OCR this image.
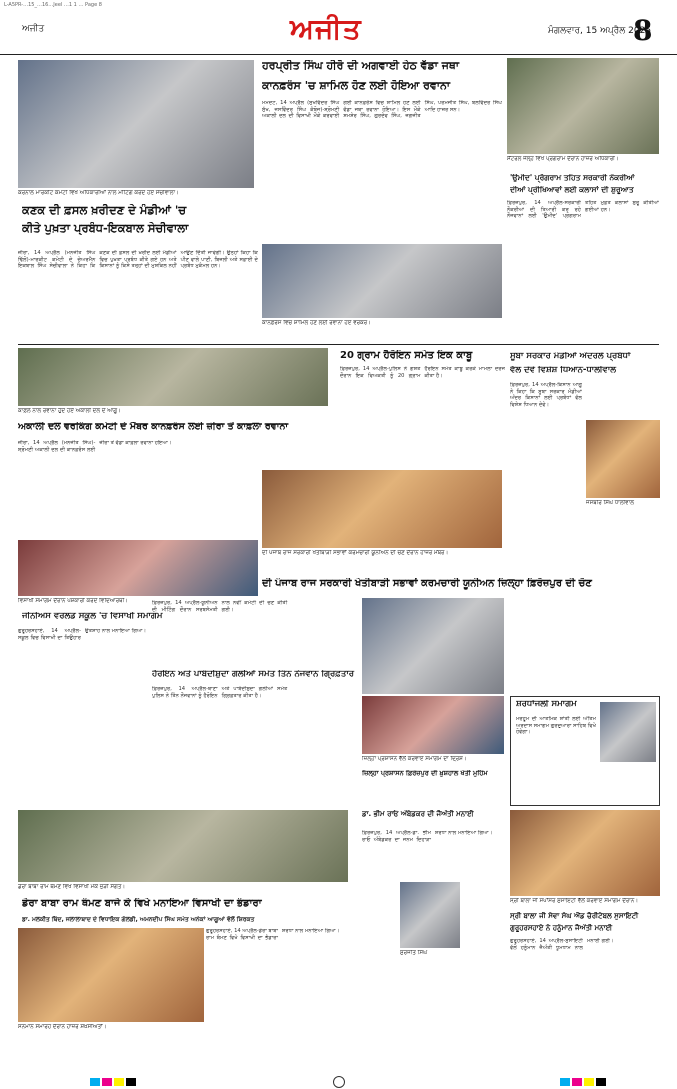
L-A5PR-…15_…16…Jeel …1 1 … Page 8
ਅਜੀਤ	ਅਜੀਤ	ਮੰਗਲਵਾਰ, 15 ਅਪ੍ਰੈਲ 2025
8
ਕਰਨਾਲ ਮਾਰਕੀਟ ਕਮੇਟੀ ਵਿਖੇ ਅਧਿਕਾਰੀਆਂ ਨਾਲ ਮੀਟਿੰਗ ਕਰਦੇ ਹੋਏ ਸੇਚੀਵਾਲਾ।
ਕਣਕ ਦੀ ਫ਼ਸਲ ਖ਼ਰੀਦਣ ਦੇ ਮੰਡੀਆਂ 'ਚ
ਕੀਤੇ ਪੁਖ਼ਤਾ ਪ੍ਰਬੰਧ-ਇਕਬਾਲ ਸੇਚੀਵਾਲਾ
ਜ਼ੀਰਾ, 14 ਅਪ੍ਰੈਲ (ਮਨਜੀਤ ਸਿੰਘ ਢਿੱਲੋਂ)-ਮਾਰਕੀਟ ਕਮੇਟੀ ਦੇ ਚੇਅਰਮੈਨ ਇਕਬਾਲ ਸਿੰਘ ਸੇਚੀਵਾਲਾ ਨੇ ਕਿਹਾ ਕਿ ਕਣਕ ਦੀ ਫ਼ਸਲ ਦੀ ਖ਼ਰੀਦ ਲਈ ਮੰਡੀਆਂ ਵਿਚ ਪੁਖ਼ਤਾ ਪ੍ਰਬੰਧ ਕੀਤੇ ਗਏ ਹਨ ਅਤੇ ਕਿਸਾਨਾਂ ਨੂੰ ਕਿਸੇ ਤਰ੍ਹਾਂ ਦੀ ਮੁਸ਼ਕਿਲ ਨਹੀਂ ਆਉਣ ਦਿੱਤੀ ਜਾਵੇਗੀ। ਉਨ੍ਹਾਂ ਕਿਹਾ ਕਿ ਪੀਣ ਵਾਲੇ ਪਾਣੀ, ਬਿਜਲੀ ਅਤੇ ਸਫ਼ਾਈ ਦੇ ਪ੍ਰਬੰਧ ਮੁਕੰਮਲ ਹਨ।
ਹਰਪ੍ਰੀਤ ਸਿੰਘ ਹੀਰੋ ਦੀ ਅਗਵਾਈ ਹੇਠ ਵੱਡਾ ਜਥਾ
ਕਾਨਫ਼ਰੰਸ 'ਚ ਸ਼ਾਮਿਲ ਹੋਣ ਲਈ ਹੋਇਆ ਰਵਾਨਾ
ਮਮਦੋਟ, 14 ਅਪ੍ਰੈਲ (ਸੁਖਵਿੰਦਰ ਸਿੰਘ ਸੁੱਖ, ਜਸਵਿੰਦਰ ਸਿੰਘ ਕੰਬੋਜ)-ਸ਼੍ਰੋਮਣੀ ਅਕਾਲੀ ਦਲ ਦੀ ਵਿਸਾਖੀ ਮੌਕੇ ਕਰਵਾਈ ਗਈ ਕਾਨਫ਼ਰੰਸ ਵਿਚ ਸ਼ਾਮਿਲ ਹੋਣ ਲਈ ਵੱਡਾ ਜਥਾ ਰਵਾਨਾ ਹੋਇਆ। ਇਸ ਮੌਕੇ ਸ਼ਮਸ਼ੇਰ ਸਿੰਘ, ਗੁਰਦੇਵ ਸਿੰਘ, ਜਗਜੀਤ ਸਿੰਘ, ਪਰਮਜੀਤ ਸਿੰਘ, ਬਲਵਿੰਦਰ ਸਿੰਘ ਆਦਿ ਹਾਜ਼ਰ ਸਨ।
ਸੈਂਟਰਲ ਜੇਲ੍ਹ ਵਿਖੇ ਪ੍ਰੋਗਰਾਮ ਦੌਰਾਨ ਹਾਜ਼ਰ ਅਧਿਕਾਰੀ।
'ਉਮੀਦ' ਪ੍ਰੋਗਰਾਮ ਤਹਿਤ ਸਰਕਾਰੀ ਨੌਕਰੀਆਂ
ਦੀਆਂ ਪ੍ਰੀਖਿਆਵਾਂ ਲਈ ਕਲਾਸਾਂ ਦੀ ਸ਼ੁਰੂਆਤ
ਫ਼ਿਰੋਜ਼ਪੁਰ, 14 ਅਪ੍ਰੈਲ-ਸਰਕਾਰੀ ਨੌਕਰੀਆਂ ਦੀ ਤਿਆਰੀ ਕਰ ਰਹੇ ਨੌਜਵਾਨਾਂ ਲਈ 'ਉਮੀਦ' ਪ੍ਰੋਗਰਾਮ ਤਹਿਤ ਮੁਫ਼ਤ ਕਲਾਸਾਂ ਸ਼ੁਰੂ ਕੀਤੀਆਂ ਗਈਆਂ ਹਨ।
ਕਾਨਫ਼ਰੰਸ ਵਿਚ ਸ਼ਾਮਿਲ ਹੋਣ ਲਈ ਰਵਾਨਾ ਹੋਏ ਵਰਕਰ।
ਕਾਫ਼ਲੇ ਨਾਲ ਰਵਾਨਾ ਹੁੰਦੇ ਹੋਏ ਅਕਾਲੀ ਦਲ ਦੇ ਆਗੂ।
20 ਗ੍ਰਾਮ ਹੈਰੋਇਨ ਸਮੇਤ ਇਕ ਕਾਬੂ
ਫ਼ਿਰੋਜ਼ਪੁਰ, 14 ਅਪ੍ਰੈਲ-ਪੁਲਿਸ ਨੇ ਗਸ਼ਤ ਦੌਰਾਨ ਇਕ ਵਿਅਕਤੀ ਨੂੰ 20 ਗ੍ਰਾਮ ਹੈਰੋਇਨ ਸਮੇਤ ਕਾਬੂ ਕਰਕੇ ਮਾਮਲਾ ਦਰਜ ਕੀਤਾ ਹੈ।
ਸੂਬਾ ਸਰਕਾਰ ਮੰਡੀਆਂ ਅੰਦਰਲੇ ਪ੍ਰਬੰਧਾਂ
ਵੱਲ ਦੇਵੇ ਵਿਸ਼ੇਸ਼ ਧਿਆਨ-ਧਾਲੀਵਾਲ
ਫ਼ਿਰੋਜ਼ਪੁਰ, 14 ਅਪ੍ਰੈਲ-ਕਿਸਾਨ ਆਗੂ ਨੇ ਕਿਹਾ ਕਿ ਸੂਬਾ ਸਰਕਾਰ ਮੰਡੀਆਂ ਅੰਦਰ ਕਿਸਾਨਾਂ ਲਈ ਪ੍ਰਬੰਧਾਂ ਵੱਲ ਵਿਸ਼ੇਸ਼ ਧਿਆਨ ਦੇਵੇ।
ਜਸਬੀਰ ਸਿੰਘ ਧਾਲੀਵਾਲ
ਅਕਾਲੀ ਦਲ ਵਰਕਿੰਗ ਕਮੇਟੀ ਦੇ ਮੈਂਬਰ ਕਾਨਫ਼ਰੰਸ ਲਈ ਜ਼ੀਰਾ ਤੋਂ ਕਾਫ਼ਲਾ ਰਵਾਨਾ
ਜ਼ੀਰਾ, 14 ਅਪ੍ਰੈਲ (ਮਨਜੀਤ ਸਿੰਘ)-ਸ਼੍ਰੋਮਣੀ ਅਕਾਲੀ ਦਲ ਦੀ ਕਾਨਫ਼ਰੰਸ ਲਈ ਜ਼ੀਰਾ ਤੋਂ ਵੱਡਾ ਕਾਫ਼ਲਾ ਰਵਾਨਾ ਹੋਇਆ।
ਦੀ ਪੰਜਾਬ ਰਾਜ ਸਰਕਾਰੀ ਖੇਤੀਬਾੜੀ ਸਭਾਵਾਂ ਕਰਮਚਾਰੀ ਯੂਨੀਅਨ ਦੀ ਚੋਣ ਦੌਰਾਨ ਹਾਜ਼ਰ ਮੈਂਬਰ।
ਵਿਸਾਖੀ ਸਮਾਗਮ ਦੌਰਾਨ ਪੇਸ਼ਕਾਰੀ ਕਰਦੇ ਵਿਦਿਆਰਥੀ।
ਦੀ ਪੰਜਾਬ ਰਾਜ ਸਰਕਾਰੀ ਖੇਤੀਬਾੜੀ ਸਭਾਵਾਂ ਕਰਮਚਾਰੀ ਯੂਨੀਅਨ ਜ਼ਿਲ੍ਹਾ ਫ਼ਿਰੋਜ਼ਪੁਰ ਦੀ ਚੋਣ
ਜੀਨੀਅਸ ਵਰਲਡ ਸਕੂਲ 'ਚ ਵਿਸਾਖੀ ਸਮਾਗਮ
ਗੁਰੂਹਰਸਹਾਏ, 14 ਅਪ੍ਰੈਲ-ਸਕੂਲ ਵਿਚ ਵਿਸਾਖੀ ਦਾ ਤਿਉਹਾਰ ਉਤਸ਼ਾਹ ਨਾਲ ਮਨਾਇਆ ਗਿਆ।
ਫ਼ਿਰੋਜ਼ਪੁਰ, 14 ਅਪ੍ਰੈਲ-ਯੂਨੀਅਨ ਦੀ ਮੀਟਿੰਗ ਦੌਰਾਨ ਸਰਬਸੰਮਤੀ ਨਾਲ ਨਵੀਂ ਕਮੇਟੀ ਦੀ ਚੋਣ ਕੀਤੀ ਗਈ।
ਹੈਰੋਇਨ ਅਤੇ ਪਾਬੰਦੀਸ਼ੁਦਾ ਗੋਲੀਆਂ ਸਮੇਤ ਤਿੰਨ ਨੌਜਵਾਨ ਗ੍ਰਿਫ਼ਤਾਰ
ਫ਼ਿਰੋਜ਼ਪੁਰ, 14 ਅਪ੍ਰੈਲ-ਥਾਣਾ ਪੁਲਿਸ ਨੇ ਤਿੰਨ ਨੌਜਵਾਨਾਂ ਨੂੰ ਹੈਰੋਇਨ ਅਤੇ ਪਾਬੰਦੀਸ਼ੁਦਾ ਗੋਲੀਆਂ ਸਮੇਤ ਗ੍ਰਿਫ਼ਤਾਰ ਕੀਤਾ ਹੈ।
ਜ਼ਿਲ੍ਹਾ ਪ੍ਰਸ਼ਾਸਨ ਵੱਲੋਂ ਕਰਵਾਏ ਸਮਾਗਮ ਦਾ ਦ੍ਰਿਸ਼।
ਜ਼ਿਲ੍ਹਾ ਪ੍ਰਸ਼ਾਸਨ ਫ਼ਿਰੋਜ਼ਪੁਰ ਦੀ ਖ਼ੁਸ਼ਹਾਲ ਖੇਤੀ ਮੁਹਿੰਮ
ਸ਼ਰਧਾਂਜਲੀ ਸਮਾਗਮ
ਮਰਹੂਮ ਦੀ ਆਤਮਿਕ ਸ਼ਾਂਤੀ ਲਈ ਅੰਤਿਮ ਅਰਦਾਸ ਸਮਾਗਮ ਗੁਰਦੁਆਰਾ ਸਾਹਿਬ ਵਿਖੇ ਹੋਵੇਗਾ।
ਡੇਰਾ ਬਾਬਾ ਰਾਮ ਥੰਮਣ ਵਿਖੇ ਵਿਸਾਖੀ ਮੌਕੇ ਜੁੜੀ ਸੰਗਤ।
ਡੇਰਾ ਬਾਬਾ ਰਾਮ ਥੰਮਣ ਬਾਜੇ ਕੇ ਵਿਖੇ ਮਨਾਇਆ ਵਿਸਾਖੀ ਦਾ ਭੰਡਾਰਾ
ਡਾ. ਮਲਕੀਤ ਥਿੰਦ, ਜਲਾਲਾਬਾਦ ਦੇ ਵਿਧਾਇਕ ਗੋਲਡੀ, ਅਮਨਦੀਪ ਸਿੰਘ ਸਮੇਤ ਅਨੇਕਾਂ ਆਗੂਆਂ ਵੱਲੋਂ ਸ਼ਿਰਕਤ
ਸਨਮਾਨ ਸਮਾਰੋਹ ਦੌਰਾਨ ਹਾਜ਼ਰ ਸ਼ਖ਼ਸੀਅਤਾਂ।
ਗੁਰੂਹਰਸਹਾਏ, 14 ਅਪ੍ਰੈਲ-ਡੇਰਾ ਬਾਬਾ ਰਾਮ ਥੰਮਣ ਵਿਖੇ ਵਿਸਾਖੀ ਦਾ ਭੰਡਾਰਾ ਸ਼ਰਧਾ ਨਾਲ ਮਨਾਇਆ ਗਿਆ।
ਡਾ. ਭੀਮ ਰਾਓ ਅੰਬੇਡਕਰ ਦੀ ਜੈਅੰਤੀ ਮਨਾਈ
ਫ਼ਿਰੋਜ਼ਪੁਰ, 14 ਅਪ੍ਰੈਲ-ਡਾ. ਭੀਮ ਰਾਓ ਅੰਬੇਡਕਰ ਦਾ ਜਨਮ ਦਿਹਾੜਾ ਸ਼ਰਧਾ ਨਾਲ ਮਨਾਇਆ ਗਿਆ।
ਸੁਰਜੀਤ ਸਿੰਘ
ਸ੍ਰੀ ਬਾਲਾ ਜੀ ਸਪਾਂਸਰ ਸੁਸਾਇਟੀ ਵੱਲੋਂ ਕਰਵਾਏ ਸਮਾਗਮ ਦੌਰਾਨ।
ਸ੍ਰੀ ਬਾਲਾ ਜੀ ਸੇਵਾ ਸੰਘ ਐਂਡ ਚੈਰੀਟੇਬਲ ਸੁਸਾਇਟੀ
ਗੁਰੂਹਰਸਹਾਏ ਨੇ ਹਨੂੰਮਾਨ ਜੈਅੰਤੀ ਮਨਾਈ
ਗੁਰੂਹਰਸਹਾਏ, 14 ਅਪ੍ਰੈਲ-ਸੁਸਾਇਟੀ ਵੱਲੋਂ ਹਨੂੰਮਾਨ ਜੈਅੰਤੀ ਧੂਮਧਾਮ ਨਾਲ ਮਨਾਈ ਗਈ।
